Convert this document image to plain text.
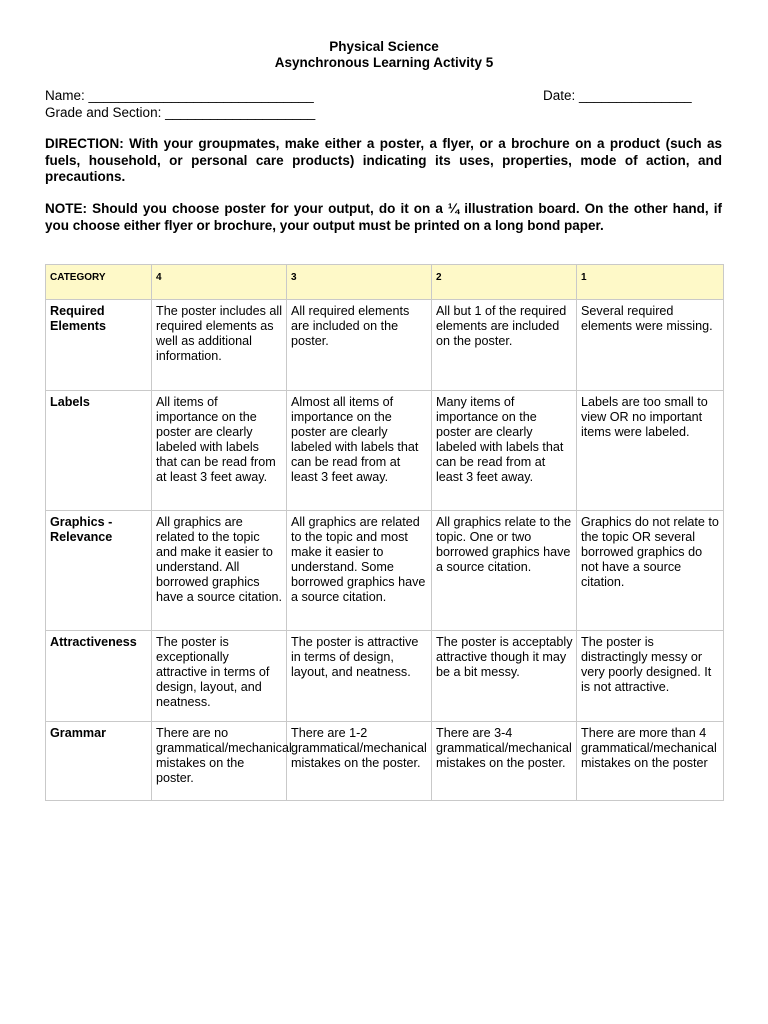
Physical Science
Asynchronous Learning Activity 5
Name: ______________________________	Date: _______________
Grade and Section: ____________________
DIRECTION: With your groupmates, make either a poster, a flyer, or a brochure on a product (such as fuels, household, or personal care products) indicating its uses, properties, mode of action, and precautions.
NOTE: Should you choose poster for your output, do it on a ¼ illustration board. On the other hand, if you choose either flyer or brochure, your output must be printed on a long bond paper.
CATEGORY	4	3	2	1
Required Elements	The poster includes all required elements as well as additional information.	All required elements are included on the poster.	All but 1 of the required elements are included on the poster.	Several required elements were missing.
Labels	All items of importance on the poster are clearly labeled with labels that can be read from at least 3 feet away.	Almost all items of importance on the poster are clearly labeled with labels that can be read from at least 3 feet away.	Many items of importance on the poster are clearly labeled with labels that can be read from at least 3 feet away.	Labels are too small to view OR no important items were labeled.
Graphics - Relevance	All graphics are related to the topic and make it easier to understand. All borrowed graphics have a source citation.	All graphics are related to the topic and most make it easier to understand. Some borrowed graphics have a source citation.	All graphics relate to the topic. One or two borrowed graphics have a source citation.	Graphics do not relate to the topic OR several borrowed graphics do not have a source citation.
Attractiveness	The poster is exceptionally attractive in terms of design, layout, and neatness.	The poster is attractive in terms of design, layout, and neatness.	The poster is acceptably attractive though it may be a bit messy.	The poster is distractingly messy or very poorly designed. It is not attractive.
Grammar	There are no grammatical/mechanical mistakes on the poster.	There are 1-2 grammatical/mechanical mistakes on the poster.	There are 3-4 grammatical/mechanical mistakes on the poster.	There are more than 4 grammatical/mechanical mistakes on the poster
